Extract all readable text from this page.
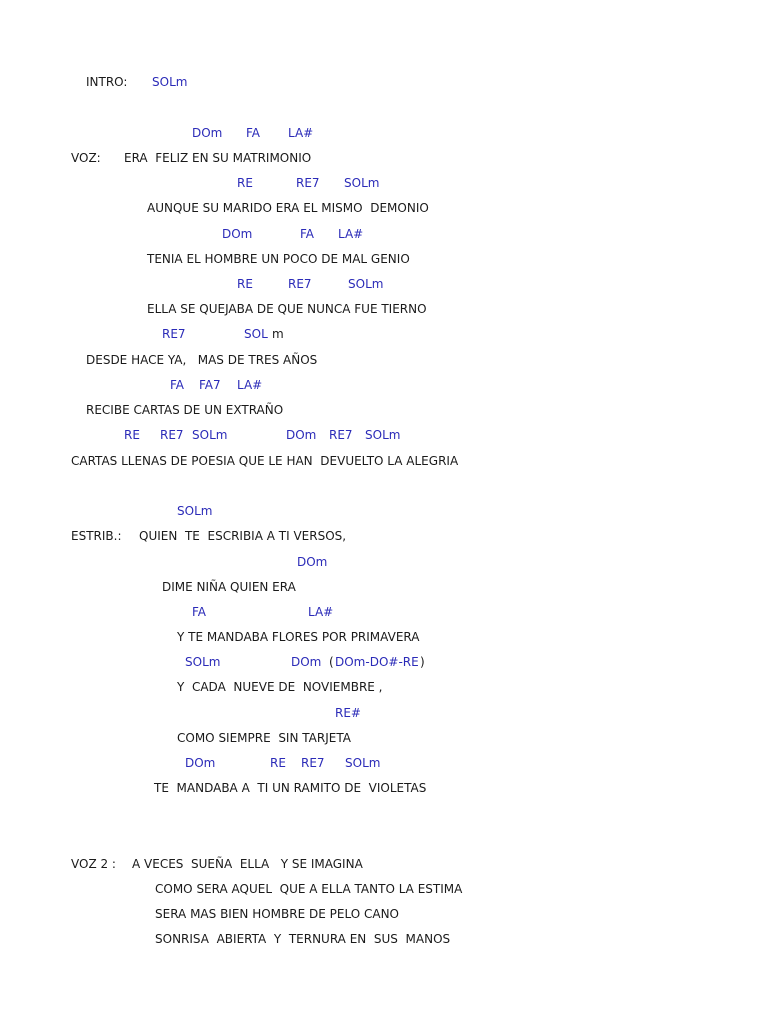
INTRO:

SOLm

DOm

FA

LA#

VOZ:

ERA  FELIZ EN SU MATRIMONIO

RE

	RE7

SOLm

AUNQUE SU MARIDO ERA EL MISMO  DEMONIO

DOm

	FA

LA#

TENIA EL HOMBRE UN POCO DE MAL GENIO

RE

	RE7

	SOLm

ELLA SE QUEJABA DE QUE NUNCA FUE TIERNO

RE7

	SOL

m

DESDE HACE YA,   MAS DE TRES AÑOS

FA

FA7

LA#

RECIBE CARTAS DE UN EXTRAÑO

RE

RE7

SOLm

	DOm

RE7

SOLm

CARTAS LLENAS DE POESIA QUE LE HAN  DEVUELTO LA ALEGRIA

SOLm

ESTRIB.:

QUIEN  TE  ESCRIBIA A TI VERSOS,

DOm

DIME NIÑA QUIEN ERA

FA

	LA#

Y TE MANDABA FLORES POR PRIMAVERA

SOLm

	DOm

(

DOm-DO#-RE

)

Y  CADA  NUEVE DE  NOVIEMBRE ,

RE#

COMO SIEMPRE  SIN TARJETA

DOm

	RE

RE7

SOLm

TE  MANDABA A  TI UN RAMITO DE  VIOLETAS

VOZ 2 :

A VECES  SUEÑA  ELLA   Y SE IMAGINA

COMO SERA AQUEL  QUE A ELLA TANTO LA ESTIMA

SERA MAS BIEN HOMBRE DE PELO CANO

SONRISA  ABIERTA  Y  TERNURA EN  SUS  MANOS
